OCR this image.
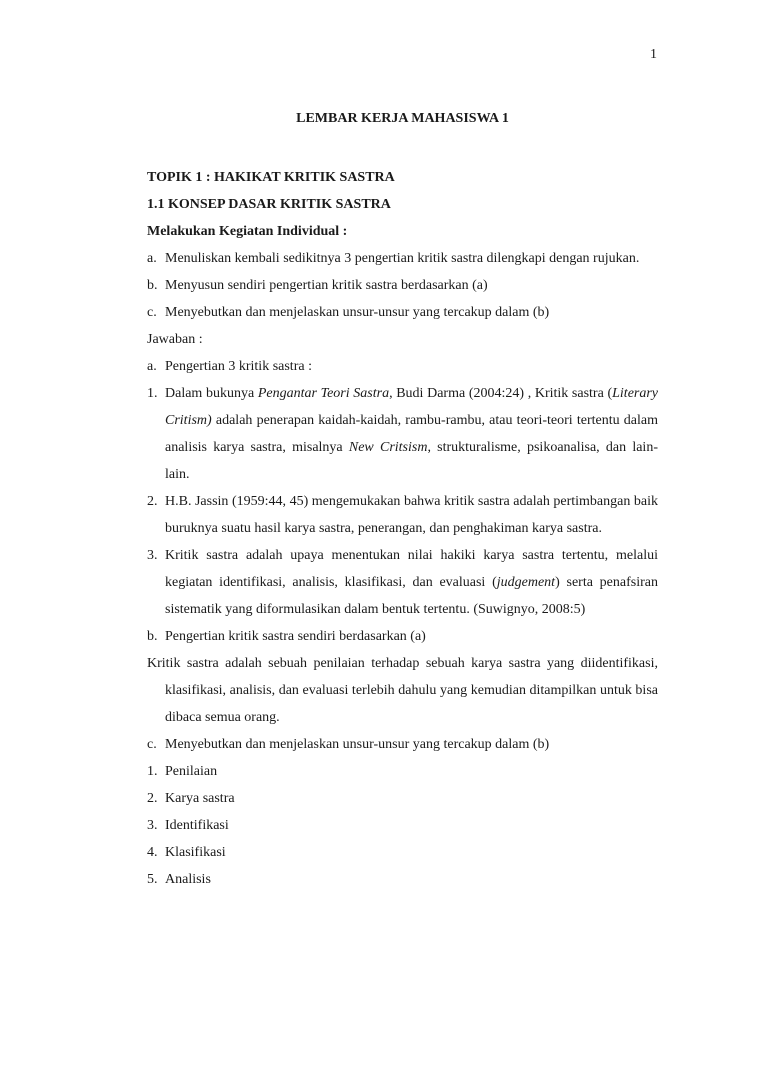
1

LEMBAR KERJA MAHASISWA 1

TOPIK 1 : HAKIKAT KRITIK SASTRA

1.1 KONSEP DASAR KRITIK SASTRA

Melakukan Kegiatan Individual :

a. Menuliskan kembali sedikitnya 3 pengertian kritik sastra dilengkapi dengan rujukan.
b. Menyusun sendiri pengertian kritik sastra berdasarkan (a)
c. Menyebutkan dan menjelaskan unsur-unsur yang tercakup dalam (b)

Jawaban :

a. Pengertian 3 kritik sastra :
1. Dalam bukunya Pengantar Teori Sastra, Budi Darma (2004:24) , Kritik sastra (Literary Critism) adalah penerapan kaidah-kaidah, rambu-rambu, atau teori-teori tertentu dalam analisis karya sastra, misalnya New Critsism, strukturalisme, psikoanalisa, dan lain-lain.
2. H.B. Jassin (1959:44, 45) mengemukakan bahwa kritik sastra adalah pertimbangan baik buruknya suatu hasil karya sastra, penerangan, dan penghakiman karya sastra.
3. Kritik sastra adalah upaya menentukan nilai hakiki karya sastra tertentu, melalui kegiatan identifikasi, analisis, klasifikasi, dan evaluasi (judgement) serta penafsiran sistematik yang diformulasikan dalam bentuk tertentu. (Suwignyo, 2008:5)
b. Pengertian kritik sastra sendiri berdasarkan (a)

Kritik sastra adalah sebuah penilaian terhadap sebuah karya sastra yang diidentifikasi, klasifikasi, analisis, dan evaluasi terlebih dahulu yang kemudian ditampilkan untuk bisa dibaca semua orang.

c. Menyebutkan dan menjelaskan unsur-unsur yang tercakup dalam (b)
1. Penilaian
2. Karya sastra
3. Identifikasi
4. Klasifikasi
5. Analisis
